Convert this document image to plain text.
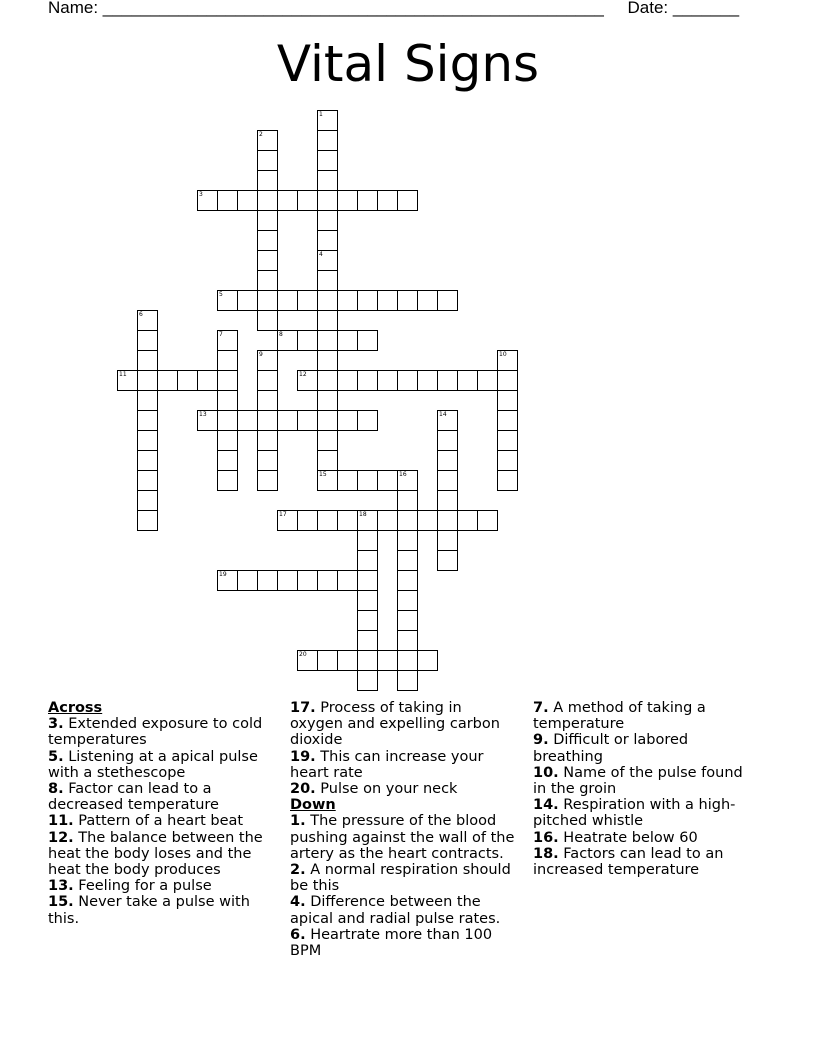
Name: _____________________________________________________ Date: _______
Vital Signs
1
4
2
3
15
5
6
7	8
9	10
11	12
13	14
16
17	18
19
20
Across

3. Extended exposure to cold temperatures

5. Listening at a apical pulse with a stethescope

8. Factor can lead to a decreased temperature

11. Pattern of a heart beat

12. The balance between the heat the body loses and the heat the body produces

13. Feeling for a pulse

15. Never take a pulse with this.

17. Process of taking in oxygen and expelling carbon dioxide

19. This can increase your heart rate

20. Pulse on your neck

Down

1. The pressure of the blood pushing against the wall of the artery as the heart contracts.

2. A normal respiration should be this

4. Difference between the apical and radial pulse rates.

6. Heartrate more than 100 BPM

7. A method of taking a temperature

9. Difficult or labored breathing

10. Name of the pulse found in the groin

14. Respiration with a high-pitched whistle

16. Heatrate below 60

18. Factors can lead to an increased temperature
